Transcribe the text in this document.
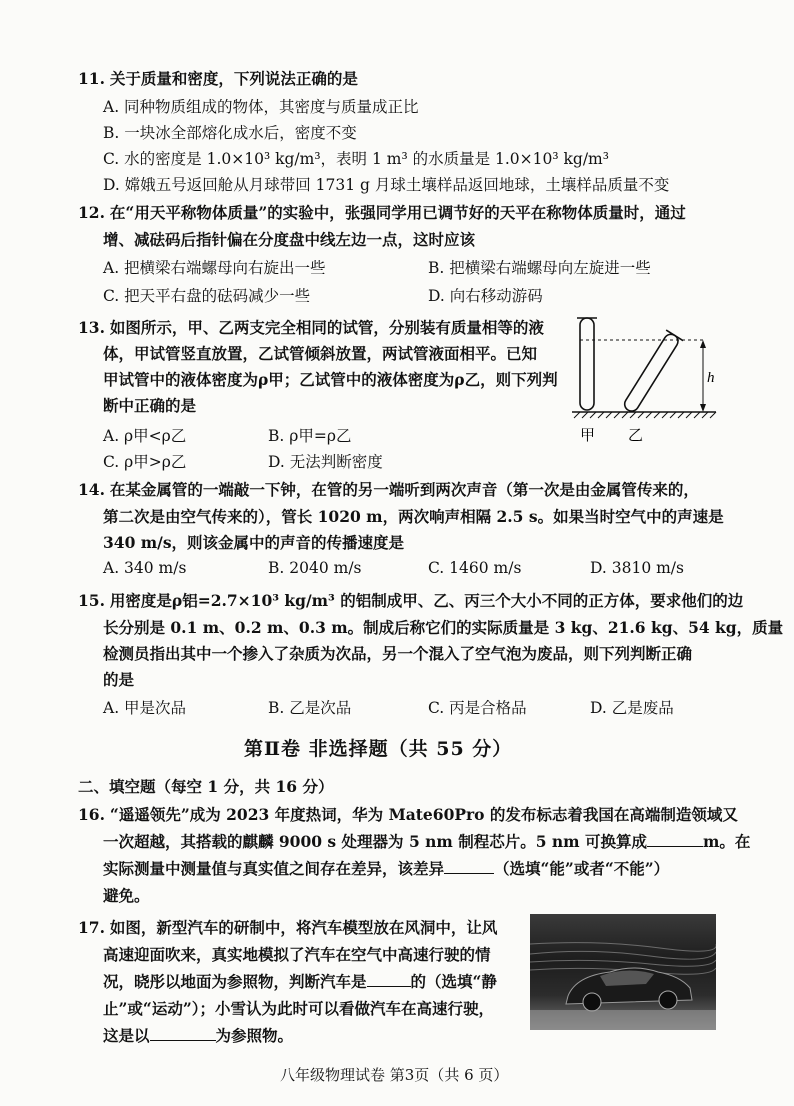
11. 关于质量和密度，下列说法正确的是
A. 同种物质组成的物体，其密度与质量成正比
B. 一块冰全部熔化成水后，密度不变
C. 水的密度是 1.0×10³ kg/m³，表明 1 m³ 的水质量是 1.0×10³ kg/m³
D. 嫦娥五号返回舱从月球带回 1731 g 月球土壤样品返回地球，土壤样品质量不变
12. 在“用天平称物体质量”的实验中，张强同学用已调节好的天平在称物体质量时，通过
增、减砝码后指针偏在分度盘中线左边一点，这时应该
A. 把横梁右端螺母向右旋出一些	B. 把横梁右端螺母向左旋进一些
C. 把天平右盘的砝码减少一些	D. 向右移动游码
13. 如图所示，甲、乙两支完全相同的试管，分别装有质量相等的液
体，甲试管竖直放置，乙试管倾斜放置，两试管液面相平。已知
甲试管中的液体密度为ρ甲；乙试管中的液体密度为ρ乙，则下列判
断中正确的是
A. ρ甲<ρ乙	B. ρ甲=ρ乙
C. ρ甲>ρ乙	D. 无法判断密度
h
甲 乙
14. 在某金属管的一端敲一下钟，在管的另一端听到两次声音（第一次是由金属管传来的，
第二次是由空气传来的），管长 1020 m，两次响声相隔 2.5 s。如果当时空气中的声速是
340 m/s，则该金属中的声音的传播速度是
A. 340 m/s	B. 2040 m/s	C. 1460 m/s	D. 3810 m/s
15. 用密度是ρ铝=2.7×10³ kg/m³ 的铝制成甲、乙、丙三个大小不同的正方体，要求他们的边
长分别是 0.1 m、0.2 m、0.3 m。制成后称它们的实际质量是 3 kg、21.6 kg、54 kg，质量
检测员指出其中一个掺入了杂质为次品，另一个混入了空气泡为废品，则下列判断正确
的是
A. 甲是次品	B. 乙是次品	C. 丙是合格品	D. 乙是废品
第Ⅱ卷 非选择题（共 55 分）
二、填空题（每空 1 分，共 16 分）
16. “遥遥领先”成为 2023 年度热词，华为 Mate60Pro 的发布标志着我国在高端制造领域又
一次超越，其搭载的麒麟 9000 s 处理器为 5 nm 制程芯片。5 nm 可换算成	m。在
实际测量中测量值与真实值之间存在差异，该差异	（选填“能”或者“不能”）
避免。
17. 如图，新型汽车的研制中，将汽车模型放在风洞中，让风
高速迎面吹来，真实地模拟了汽车在空气中高速行驶的情
况，晓彤以地面为参照物，判断汽车是	的（选填“静
止”或“运动”）；小雪认为此时可以看做汽车在高速行驶，
这是以	为参照物。
八年级物理试卷 第3页（共 6 页）
